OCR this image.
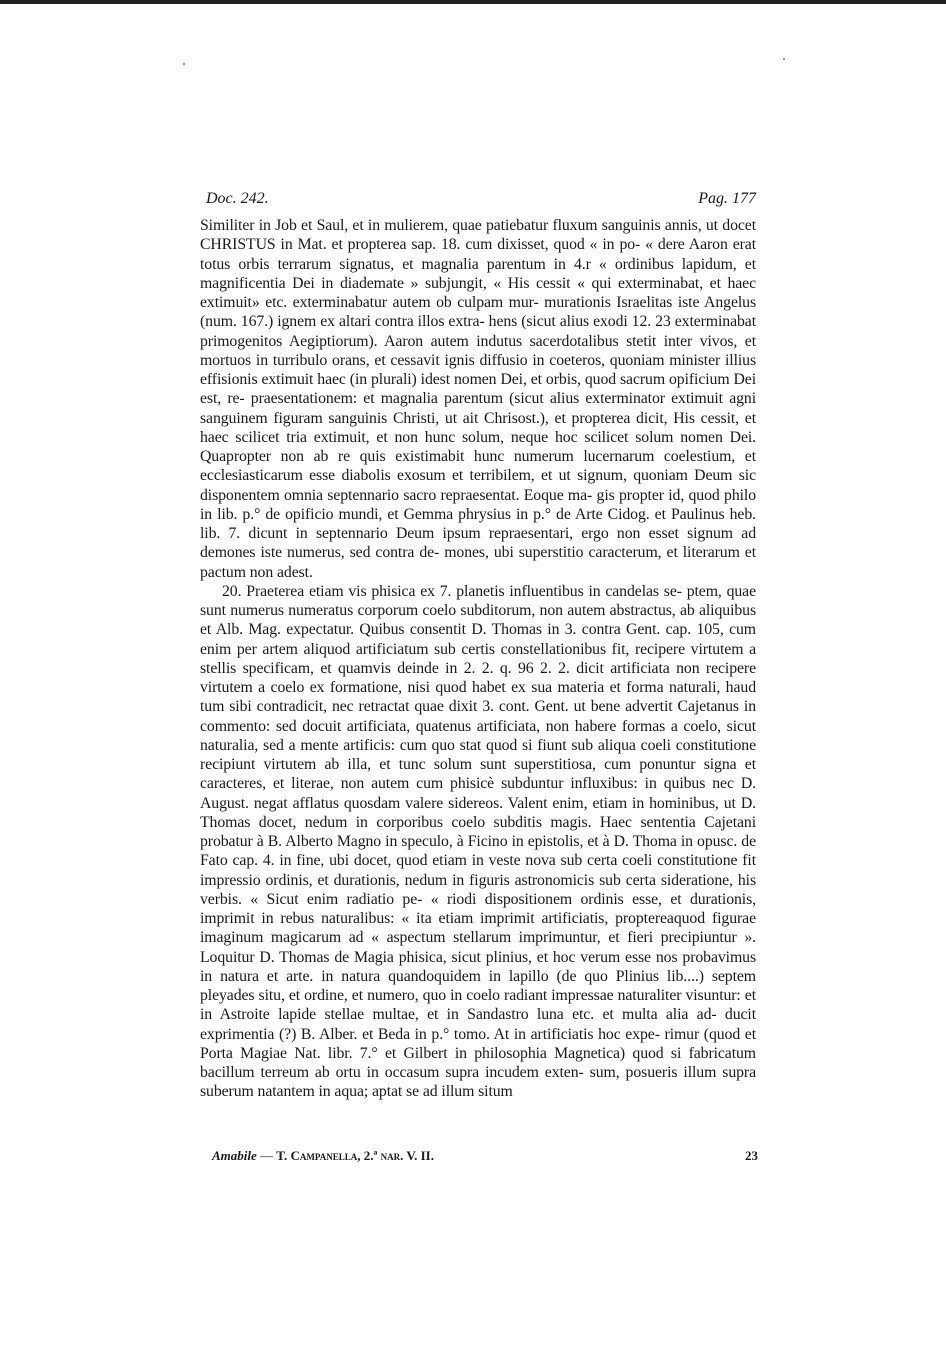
Doc. 242.	Pag. 177

Similiter in Job et Saul, et in mulierem, quae patiebatur fluxum sanguinis annis, ut docet CHRISTUS in Mat. et propterea sap. 18. cum dixisset, quod « in po- « dere Aaron erat totus orbis terrarum signatus, et magnalia parentum in 4.r « ordinibus lapidum, et magnificentia Dei in diademate » subjungit, « His cessit « qui exterminabat, et haec extimuit» etc. exterminabatur autem ob culpam mur- murationis Israelitas iste Angelus (num. 167.) ignem ex altari contra illos extra- hens (sicut alius exodi 12. 23 exterminabat primogenitos Aegiptiorum). Aaron autem indutus sacerdotalibus stetit inter vivos, et mortuos in turribulo orans, et cessavit ignis diffusio in coeteros, quoniam minister illius effisionis extimuit haec (in plurali) idest nomen Dei, et orbis, quod sacrum opificium Dei est, re- praesentationem: et magnalia parentum (sicut alius exterminator extimuit agni sanguinem figuram sanguinis Christi, ut ait Chrisost.), et propterea dicit, His cessit, et haec scilicet tria extimuit, et non hunc solum, neque hoc scilicet solum nomen Dei. Quapropter non ab re quis existimabit hunc numerum lucernarum coelestium, et ecclesiasticarum esse diabolis exosum et terribilem, et ut signum, quoniam Deum sic disponentem omnia septennario sacro repraesentat. Eoque ma- gis propter id, quod philo in lib. p.° de opificio mundi, et Gemma phrysius in p.° de Arte Cidog. et Paulinus heb. lib. 7. dicunt in septennario Deum ipsum repraesentari, ergo non esset signum ad demones iste numerus, sed contra de- mones, ubi superstitio caracterum, et literarum et pactum non adest.

20. Praeterea etiam vis phisica ex 7. planetis influentibus in candelas se- ptem, quae sunt numerus numeratus corporum coelo subditorum, non autem abstractus, ab aliquibus et Alb. Mag. expectatur. Quibus consentit D. Thomas in 3. contra Gent. cap. 105, cum enim per artem aliquod artificiatum sub certis constellationibus fit, recipere virtutem a stellis specificam, et quamvis deinde in 2. 2. q. 96 2. 2. dicit artificiata non recipere virtutem a coelo ex formatione, nisi quod habet ex sua materia et forma naturali, haud tum sibi contradicit, nec retractat quae dixit 3. cont. Gent. ut bene advertit Cajetanus in commento: sed docuit artificiata, quatenus artificiata, non habere formas a coelo, sicut naturalia, sed a mente artificis: cum quo stat quod si fiunt sub aliqua coeli constitutione recipiunt virtutem ab illa, et tunc solum sunt superstitiosa, cum ponuntur signa et caracteres, et literae, non autem cum phisicè subduntur influxibus: in quibus nec D. August. negat afflatus quosdam valere sidereos. Valent enim, etiam in hominibus, ut D. Thomas docet, nedum in corporibus coelo subditis magis. Haec sententia Cajetani probatur à B. Alberto Magno in speculo, à Ficino in epistolis, et à D. Thoma in opusc. de Fato cap. 4. in fine, ubi docet, quod etiam in veste nova sub certa coeli constitutione fit impressio ordinis, et durationis, nedum in figuris astronomicis sub certa sideratione, his verbis. « Sicut enim radiatio pe- « riodi dispositionem ordinis esse, et durationis, imprimit in rebus naturalibus: « ita etiam imprimit artificiatis, proptereaquod figurae imaginum magicarum ad « aspectum stellarum imprimuntur, et fieri precipiuntur ». Loquitur D. Thomas de Magia phisica, sicut plinius, et hoc verum esse nos probavimus in natura et arte. in natura quandoquidem in lapillo (de quo Plinius lib....) septem pleyades situ, et ordine, et numero, quo in coelo radiant impressae naturaliter visuntur: et in Astroite lapide stellae multae, et in Sandastro luna etc. et multa alia ad- ducit exprimentia (?) B. Alber. et Beda in p.° tomo. At in artificiatis hoc expe- rimur (quod et Porta Magiae Nat. libr. 7.° et Gilbert in philosophia Magnetica) quod si fabricatum bacillum terreum ab ortu in occasum supra incudem exten- sum, posueris illum supra suberum natantem in aqua; aptat se ad illum situm

Amabile — T. Campanella, 2.ª nar. V. II.	23
